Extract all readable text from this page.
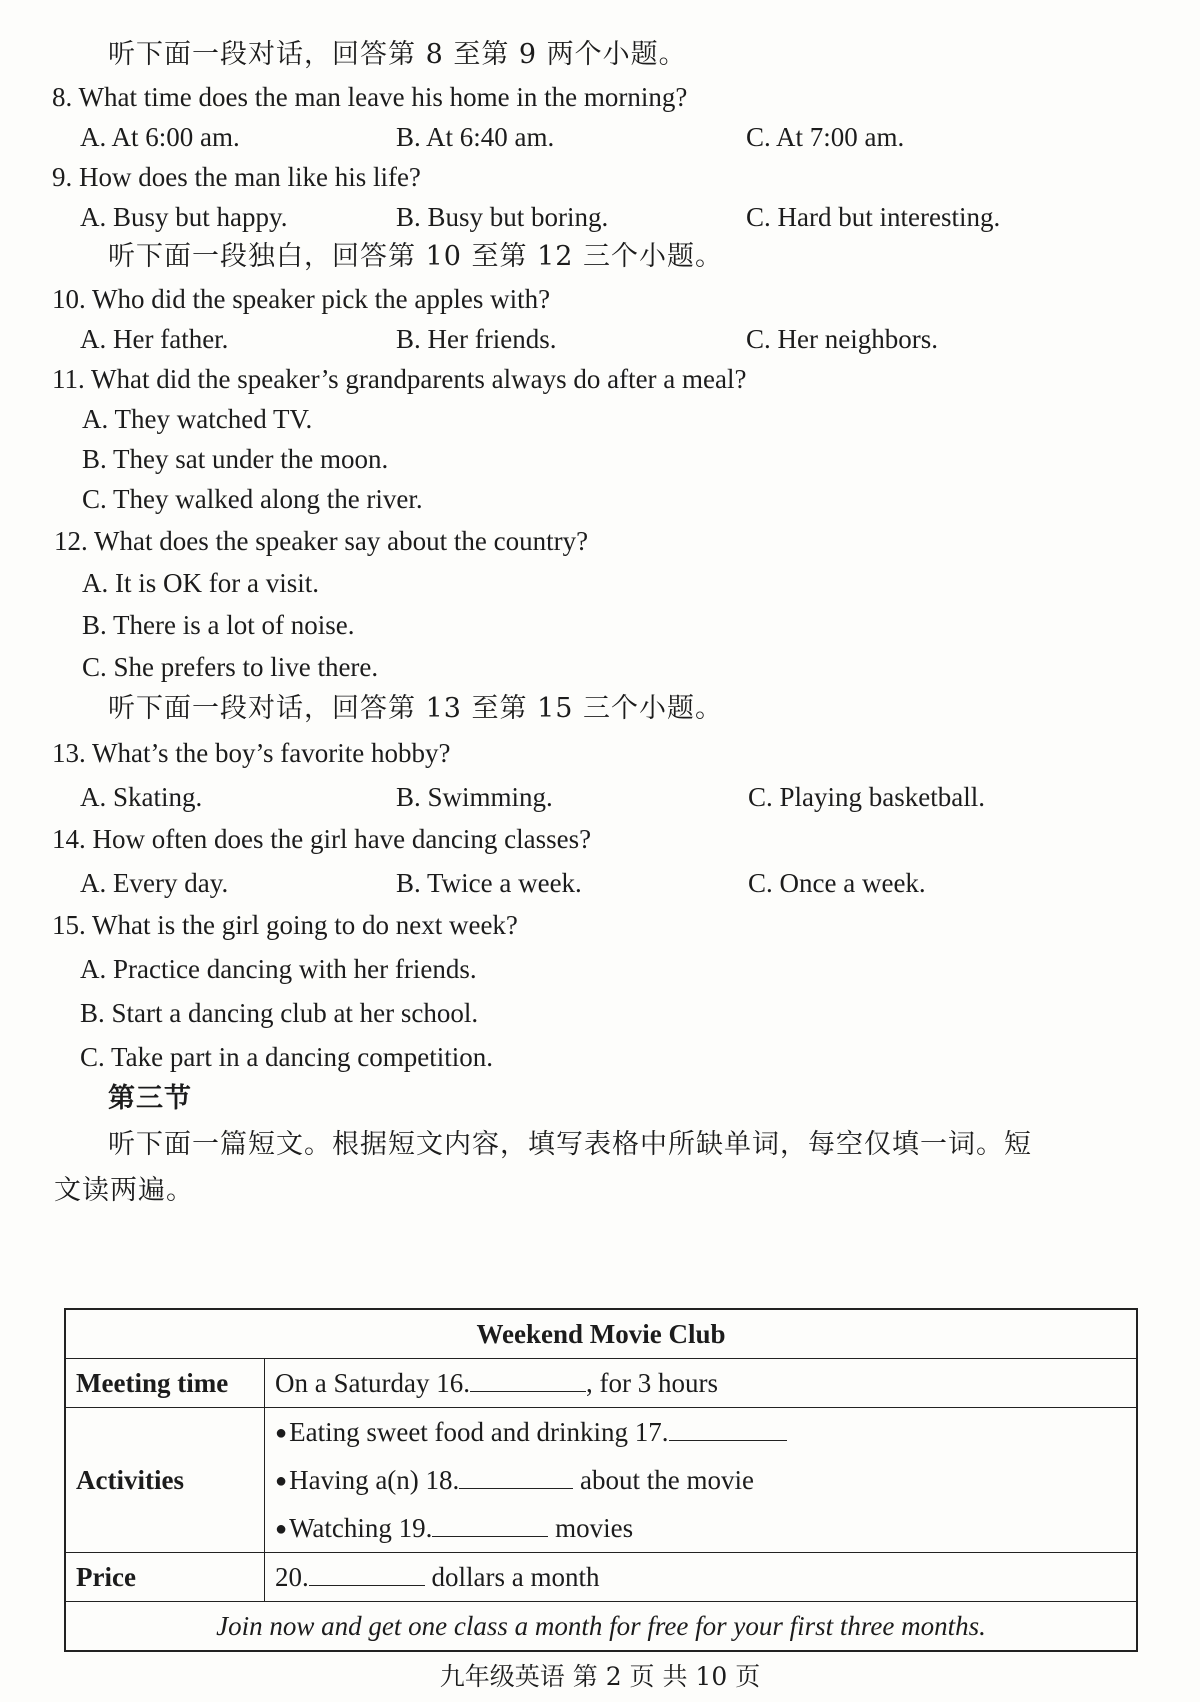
听下面一段对话，回答第 8 至第 9 两个小题。
8. What time does the man leave his home in the morning?
A. At 6:00 am.	B. At 6:40 am.	C. At 7:00 am.
9. How does the man like his life?
A. Busy but happy.	B. Busy but boring.	C. Hard but interesting.
听下面一段独白，回答第 10 至第 12 三个小题。
10. Who did the speaker pick the apples with?
A. Her father.	B. Her friends.	C. Her neighbors.
11. What did the speaker’s grandparents always do after a meal?
A. They watched TV.
B. They sat under the moon.
C. They walked along the river.
12. What does the speaker say about the country?
A. It is OK for a visit.
B. There is a lot of noise.
C. She prefers to live there.
听下面一段对话，回答第 13 至第 15 三个小题。
13. What’s the boy’s favorite hobby?
A. Skating.	B. Swimming.	C. Playing basketball.
14. How often does the girl have dancing classes?
A. Every day.	B. Twice a week.	C. Once a week.
15. What is the girl going to do next week?
A. Practice dancing with her friends.
B. Start a dancing club at her school.
C. Take part in a dancing competition.
第三节
听下面一篇短文。根据短文内容，填写表格中所缺单词，每空仅填一词。短
文读两遍。
Weekend Movie Club	
Meeting time	On a Saturday 16. , for 3 hours
Activities	●Eating sweet food and drinking 17.
●Having a(n) 18. about the movie
●Watching 19. movies

Price	20. dollars a month
Join now and get one class a month for free for your first three months.	
九年级英语 第 2 页 共 10 页
